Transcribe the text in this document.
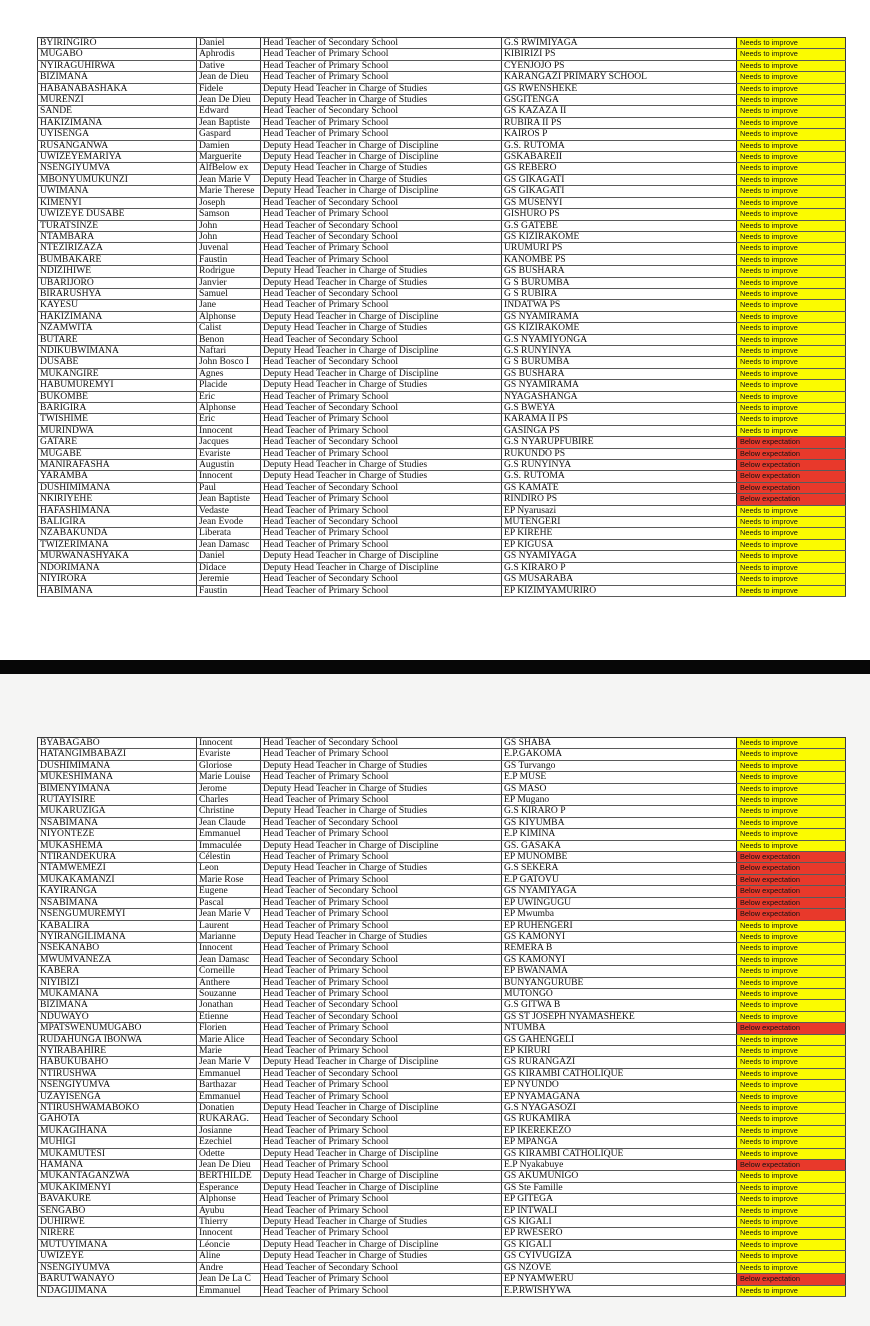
BYIRINGIRO	Daniel	Head Teacher of Secondary School	G.S RWIMIYAGA	Needs to improve
MUGABO	Aphrodis	Head Teacher of Primary School	KIBIRIZI PS	Needs to improve
NYIRAGUHIRWA	Dative	Head Teacher of Primary School	CYENJOJO PS	Needs to improve
BIZIMANA	Jean de Dieu	Head Teacher of Primary School	KARANGAZI PRIMARY SCHOOL	Needs to improve
HABANABASHAKA	Fidele	Deputy Head Teacher in Charge of Studies	GS RWENSHEKE	Needs to improve
MURENZI	Jean De Dieu	Deputy Head Teacher in Charge of Studies	GSGITENGA	Needs to improve
SANDE	Edward	Head Teacher of Secondary School	GS KAZAZA II	Needs to improve
HAKIZIMANA	Jean Baptiste	Head Teacher of Primary School	RUBIRA II PS	Needs to improve
UYISENGA	Gaspard	Head Teacher of Primary School	KAIROS P	Needs to improve
RUSANGANWA	Damien	Deputy Head Teacher in Charge of Discipline	G.S. RUTOMA	Needs to improve
UWIZEYEMARIYA	Marguerite	Deputy Head Teacher in Charge of Discipline	GSKABAREII	Needs to improve
NSENGIYUMVA	AlfBelow ex	Deputy Head Teacher in Charge of Studies	GS REBERO	Needs to improve
MBONYUMUKUNZI	Jean Marie V	Deputy Head Teacher in Charge of Studies	GS GIKAGATI	Needs to improve
UWIMANA	Marie Therese	Deputy Head Teacher in Charge of Discipline	GS GIKAGATI	Needs to improve
KIMENYI	Joseph	Head Teacher of Secondary School	GS MUSENYI	Needs to improve
UWIZEYE DUSABE	Samson	Head Teacher of Primary School	GISHURO PS	Needs to improve
TURATSINZE	John	Head Teacher of Secondary School	G.S GATEBE	Needs to improve
NTAMBARA	John	Head Teacher of Secondary School	GS KIZIRAKOME	Needs to improve
NTEZIRIZAZA	Juvenal	Head Teacher of Primary School	URUMURI PS	Needs to improve
BUMBAKARE	Faustin	Head Teacher of Primary School	KANOMBE PS	Needs to improve
NDIZIHIWE	Rodrigue	Deputy Head Teacher in Charge of Studies	GS BUSHARA	Needs to improve
UBARIJORO	Janvier	Deputy Head Teacher in Charge of Studies	G S BURUMBA	Needs to improve
BIRARUSHYA	Samuel	Head Teacher of Secondary School	G S RUBIRA	Needs to improve
KAYESU	Jane	Head Teacher of Primary School	INDATWA PS	Needs to improve
HAKIZIMANA	Alphonse	Deputy Head Teacher in Charge of Discipline	GS NYAMIRAMA	Needs to improve
NZAMWITA	Calist	Deputy Head Teacher in Charge of Studies	GS KIZIRAKOME	Needs to improve
BUTARE	Benon	Head Teacher of Secondary School	G.S NYAMIYONGA	Needs to improve
NDIKUBWIMANA	Naftari	Deputy Head Teacher in Charge of Discipline	G.S RUNYINYA	Needs to improve
DUSABE	John Bosco I	Head Teacher of Secondary School	G S BURUMBA	Needs to improve
MUKANGIRE	Agnes	Deputy Head Teacher in Charge of Discipline	GS BUSHARA	Needs to improve
HABUMUREMYI	Placide	Deputy Head Teacher in Charge of Studies	GS NYAMIRAMA	Needs to improve
BUKOMBE	Eric	Head Teacher of Primary School	NYAGASHANGA	Needs to improve
BARIGIRA	Alphonse	Head Teacher of Secondary School	G.S BWEYA	Needs to improve
TWISHIME	Eric	Head Teacher of Primary School	KARAMA II PS	Needs to improve
MURINDWA	Innocent	Head Teacher of Primary School	GASINGA PS	Needs to improve
GATARE	Jacques	Head Teacher of Secondary School	G.S NYARUPFUBIRE	Below expectation
MUGABE	Evariste	Head Teacher of Primary School	RUKUNDO PS	Below expectation
MANIRAFASHA	Augustin	Deputy Head Teacher in Charge of Studies	G.S RUNYINYA	Below expectation
YARAMBA	Innocent	Deputy Head Teacher in Charge of Studies	G.S. RUTOMA	Below expectation
DUSHIMIMANA	Paul	Head Teacher of Secondary School	GS KAMATE	Below expectation
NKIRIYEHE	Jean Baptiste	Head Teacher of Primary School	RINDIRO PS	Below expectation
HAFASHIMANA	Vedaste	Head Teacher of Primary School	EP Nyarusazi	Needs to improve
BALIGIRA	Jean Evode	Head Teacher of Secondary School	MUTENGERI	Needs to improve
NZABAKUNDA	Liberata	Head Teacher of Primary School	EP KIREHE	Needs to improve
TWIZERIMANA	Jean Damasc	Head Teacher of Primary School	EP KIGUSA	Needs to improve
MURWANASHYAKA	Daniel	Deputy Head Teacher in Charge of Discipline	GS NYAMIYAGA	Needs to improve
NDORIMANA	Didace	Deputy Head Teacher in Charge of Discipline	G.S KIRARO P	Needs to improve
NIYIRORA	Jeremie	Head Teacher of Secondary School	GS MUSARABA	Needs to improve
HABIMANA	Faustin	Head Teacher of Primary School	EP KIZIMYAMURIRO	Needs to improve
BYABAGABO	Innocent	Head Teacher of Secondary School	GS SHABA	Needs to improve
HATANGIMBABAZI	Evariste	Head Teacher of Primary School	E.P.GAKOMA	Needs to improve
DUSHIMIMANA	Gloriose	Deputy Head Teacher in Charge of Studies	GS Turvango	Needs to improve
MUKESHIMANA	Marie Louise	Head Teacher of Primary School	E.P MUSE	Needs to improve
BIMENYIMANA	Jerome	Deputy Head Teacher in Charge of Studies	GS MASO	Needs to improve
RUTAYISIRE	Charles	Head Teacher of Primary School	EP Mugano	Needs to improve
MUKARUZIGA	Christine	Deputy Head Teacher in Charge of Studies	G.S KIRARO P	Needs to improve
NSABIMANA	Jean Claude	Head Teacher of Secondary School	GS KIYUMBA	Needs to improve
NIYONTEZE	Emmanuel	Head Teacher of Primary School	E.P KIMINA	Needs to improve
MUKASHEMA	Immaculée	Deputy Head Teacher in Charge of Discipline	GS. GASAKA	Needs to improve
NTIRANDEKURA	Célestin	Head Teacher of Primary School	EP MUNOMBE	Below expectation
NTAMWEMEZI	Leon	Deputy Head Teacher in Charge of Studies	G.S SEKERA	Below expectation
MUKAKAMANZI	Marie Rose	Head Teacher of Primary School	E.P GATOVU	Below expectation
KAYIRANGA	Eugene	Head Teacher of Secondary School	GS NYAMIYAGA	Below expectation
NSABIMANA	Pascal	Head Teacher of Primary School	EP UWINGUGU	Below expectation
NSENGUMUREMYI	Jean Marie V	Head Teacher of Primary School	EP Mwumba	Below expectation
KABALIRA	Laurent	Head Teacher of Primary School	EP RUHENGERI	Needs to improve
NYIRANGILIMANA	Marianne	Deputy Head Teacher in Charge of Studies	GS KAMONYI	Needs to improve
NSEKANABO	Innocent	Head Teacher of Primary School	REMERA B	Needs to improve
MWUMVANEZA	Jean Damasc	Head Teacher of Secondary School	GS KAMONYI	Needs to improve
KABERA	Corneille	Head Teacher of Primary School	EP BWANAMA	Needs to improve
NIYIBIZI	Anthere	Head Teacher of Primary School	BUNYANGURUBE	Needs to improve
MUKAMANA	Souzanne	Head Teacher of Primary School	MUTONGO	Needs to improve
BIZIMANA	Jonathan	Head Teacher of Secondary School	G.S GITWA B	Needs to improve
NDUWAYO	Etienne	Head Teacher of Secondary School	GS ST JOSEPH NYAMASHEKE	Needs to improve
MPATSWENUMUGABO	Florien	Head Teacher of Primary School	NTUMBA	Below expectation
RUDAHUNGA IBONWA	Marie Alice	Head Teacher of Secondary School	GS GAHENGELI	Needs to improve
NYIRABAHIRE	Marie	Head Teacher of Primary School	EP KIRURI	Needs to improve
HABUKUBAHO	Jean Marie V	Deputy Head Teacher in Charge of Discipline	GS RURANGAZI	Needs to improve
NTIRUSHWA	Emmanuel	Head Teacher of Secondary School	GS KIRAMBI CATHOLIQUE	Needs to improve
NSENGIYUMVA	Barthazar	Head Teacher of Primary School	EP NYUNDO	Needs to improve
UZAYISENGA	Emmanuel	Head Teacher of Primary School	EP NYAMAGANA	Needs to improve
NTIRUSHWAMABOKO	Donatien	Deputy Head Teacher in Charge of Discipline	G.S NYAGASOZI	Needs to improve
GAHOTA	RUKARAG.	Head Teacher of Secondary School	GS RUKAMIRA	Needs to improve
MUKAGIHANA	Josianne	Head Teacher of Primary School	EP IKEREKEZO	Needs to improve
MUHIGI	Ezechiel	Head Teacher of Primary School	EP MPANGA	Needs to improve
MUKAMUTESI	Odette	Deputy Head Teacher in Charge of Discipline	GS KIRAMBI CATHOLIQUE	Needs to improve
HAMANA	Jean De Dieu	Head Teacher of Primary School	E.P Nyakabuye	Below expectation
MUKANTAGANZWA	BERTHILDE	Deputy Head Teacher in Charge of Discipline	GS AKUMUNIGO	Needs to improve
MUKAKIMENYI	Esperance	Deputy Head Teacher in Charge of Discipline	GS Ste Famille	Needs to improve
BAVAKURE	Alphonse	Head Teacher of Primary School	EP GITEGA	Needs to improve
SENGABO	Ayubu	Head Teacher of Primary School	EP INTWALI	Needs to improve
DUHIRWE	Thierry	Deputy Head Teacher in Charge of Studies	GS KIGALI	Needs to improve
NIRERE	Innocent	Head Teacher of Primary School	EP RWESERO	Needs to improve
MUTUYIMANA	Léoncie	Deputy Head Teacher in Charge of Discipline	GS KIGALI	Needs to improve
UWIZEYE	Aline	Deputy Head Teacher in Charge of Studies	GS CYIVUGIZA	Needs to improve
NSENGIYUMVA	Andre	Head Teacher of Secondary School	GS NZOVE	Needs to improve
BARUTWANAYO	Jean De La C	Head Teacher of Primary School	EP NYAMWERU	Below expectation
NDAGIJIMANA	Emmanuel	Head Teacher of Primary School	E.P.RWISHYWA	Needs to improve
